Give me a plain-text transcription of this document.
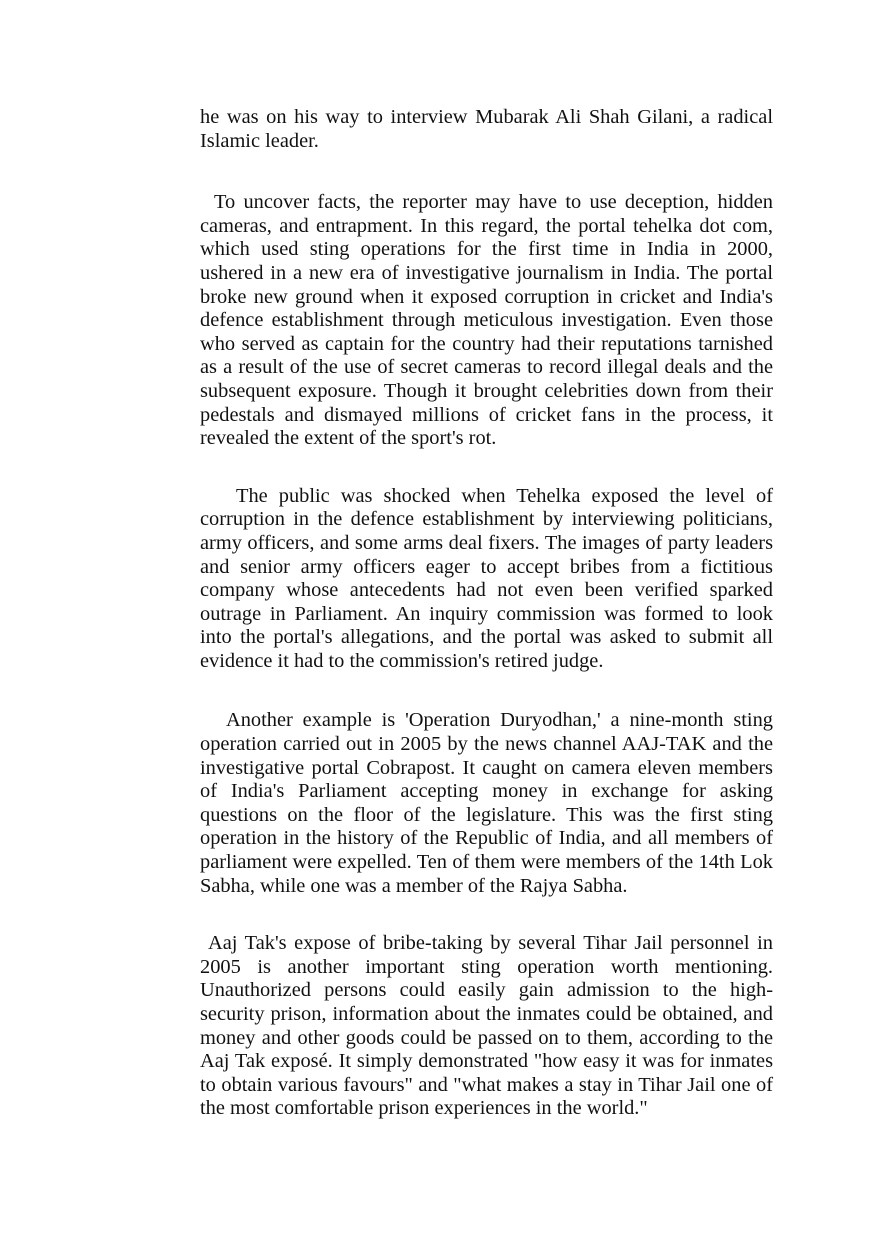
he was on his way to interview Mubarak Ali Shah Gilani, a radical Islamic leader.

To uncover facts, the reporter may have to use deception, hidden cameras, and entrapment. In this regard, the portal tehelka dot com, which used sting operations for the first time in India in 2000, ushered in a new era of investigative journalism in India. The portal broke new ground when it exposed corruption in cricket and India's defence establishment through meticulous investigation. Even those who served as captain for the country had their reputations tarnished as a result of the use of secret cameras to record illegal deals and the subsequent exposure. Though it brought celebrities down from their pedestals and dismayed millions of cricket fans in the process, it revealed the extent of the sport's rot.

The public was shocked when Tehelka exposed the level of corruption in the defence establishment by interviewing politicians, army officers, and some arms deal fixers. The images of party leaders and senior army officers eager to accept bribes from a fictitious company whose antecedents had not even been verified sparked outrage in Parliament. An inquiry commission was formed to look into the portal's allegations, and the portal was asked to submit all evidence it had to the commission's retired judge.

Another example is 'Operation Duryodhan,' a nine-month sting operation carried out in 2005 by the news channel AAJ-TAK and the investigative portal Cobrapost. It caught on camera eleven members of India's Parliament accepting money in exchange for asking questions on the floor of the legislature. This was the first sting operation in the history of the Republic of India, and all members of parliament were expelled. Ten of them were members of the 14th Lok Sabha, while one was a member of the Rajya Sabha.

Aaj Tak's expose of bribe-taking by several Tihar Jail personnel in 2005 is another important sting operation worth mentioning. Unauthorized persons could easily gain admission to the high-security prison, information about the inmates could be obtained, and money and other goods could be passed on to them, according to the Aaj Tak exposé. It simply demonstrated "how easy it was for inmates to obtain various favours" and "what makes a stay in Tihar Jail one of the most comfortable prison experiences in the world."
